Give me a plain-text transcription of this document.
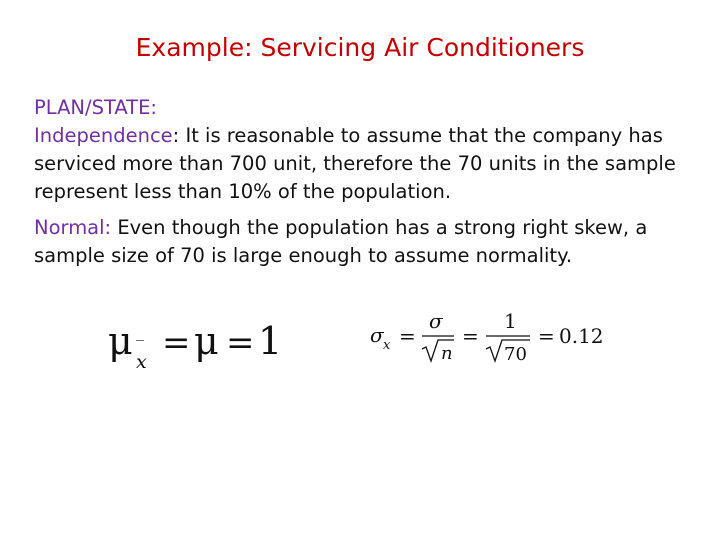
Example: Servicing Air Conditioners
PLAN/STATE:

Independence: It is reasonable to assume that the company has serviced more than 700 unit, therefore the 70 units in the sample represent less than 10% of the population.

Normal: Even though the population has a strong right skew, a sample size of 70 is large enough to assume normality.

μ ‾
x = μ = 1	σ x =
σ
n
=
1
70
= 0.12
